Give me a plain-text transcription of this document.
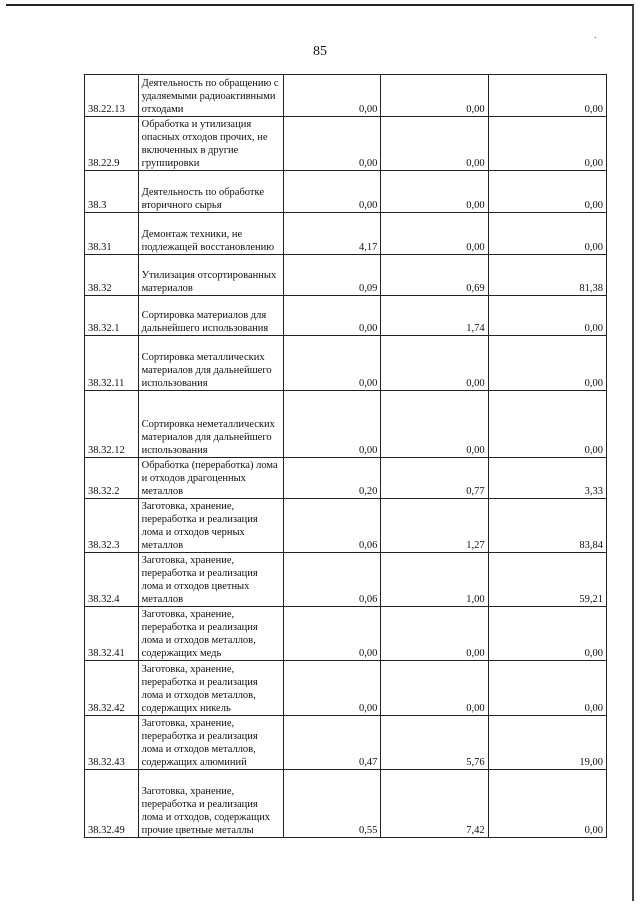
85
.
38.22.13	Деятельность по обращению с удаляемыми радиоактивными отходами	0,00	0,00	0,00
38.22.9	Обработка и утилизация опасных отходов прочих, не включенных в другие группировки	0,00	0,00	0,00
38.3	Деятельность по обработке вторичного сырья	0,00	0,00	0,00
38.31	Демонтаж техники, не подлежащей восстановлению	4,17	0,00	0,00
38.32	Утилизация отсортированных материалов	0,09	0,69	81,38
38.32.1	Сортировка материалов для дальнейшего использования	0,00	1,74	0,00
38.32.11	Сортировка металлических материалов для дальнейшего использования	0,00	0,00	0,00
38.32.12	Сортировка неметаллических материалов для дальнейшего использования	0,00	0,00	0,00
38.32.2	Обработка (переработка) лома и отходов драгоценных металлов	0,20	0,77	3,33
38.32.3	Заготовка, хранение, переработка и реализация лома и отходов черных металлов	0,06	1,27	83,84
38.32.4	Заготовка, хранение, переработка и реализация лома и отходов цветных металлов	0,06	1,00	59,21
38.32.41	Заготовка, хранение, переработка и реализация лома и отходов металлов, содержащих медь	0,00	0,00	0,00
38.32.42	Заготовка, хранение, переработка и реализация лома и отходов металлов, содержащих никель	0,00	0,00	0,00
38.32.43	Заготовка, хранение, переработка и реализация лома и отходов металлов, содержащих алюминий	0,47	5,76	19,00
38.32.49	Заготовка, хранение, переработка и реализация лома и отходов, содержащих прочие цветные металлы	0,55	7,42	0,00
